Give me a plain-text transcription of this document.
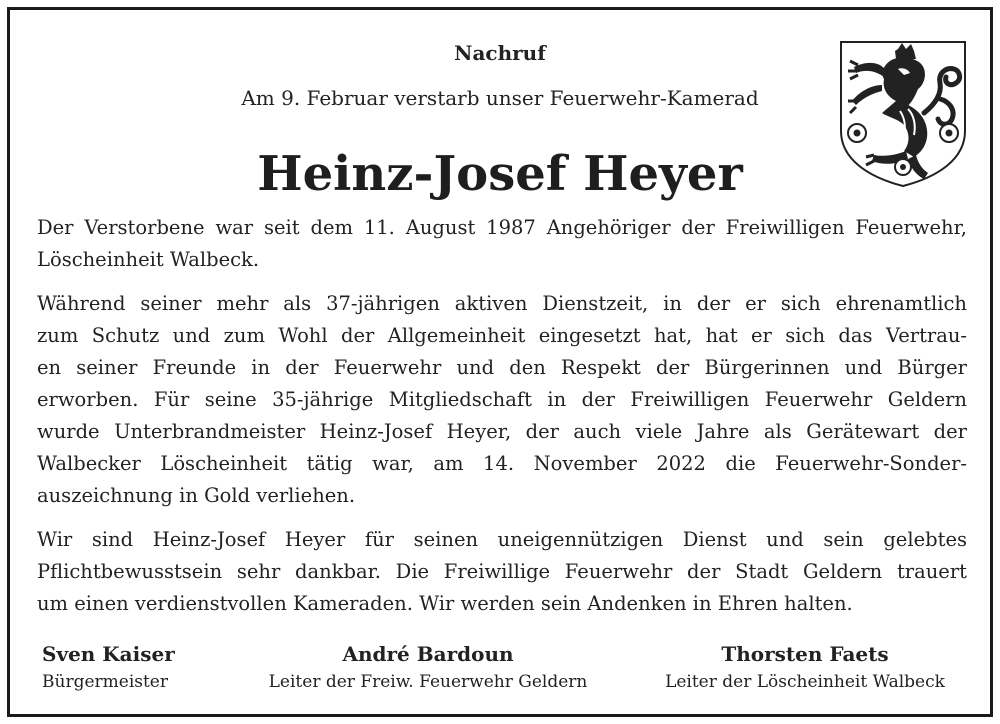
Nachruf
Am 9. Februar verstarb unser Feuerwehr-Kamerad
Heinz-Josef Heyer
Der Verstorbene war seit dem 11. August 1987 Angehöriger der Freiwilligen Feuerwehr,
Löscheinheit Walbeck.
Während seiner mehr als 37-jährigen aktiven Dienstzeit, in der er sich ehrenamtlich
zum Schutz und zum Wohl der Allgemeinheit eingesetzt hat, hat er sich das Vertrau-
en seiner Freunde in der Feuerwehr und den Respekt der Bürgerinnen und Bürger
erworben. Für seine 35-jährige Mitgliedschaft in der Freiwilligen Feuerwehr Geldern
wurde Unterbrandmeister Heinz-Josef Heyer, der auch viele Jahre als Gerätewart der
Walbecker Löscheinheit tätig war, am 14. November 2022 die Feuerwehr-Sonder-
auszeichnung in Gold verliehen.
Wir sind Heinz-Josef Heyer für seinen uneigennützigen Dienst und sein gelebtes
Pflichtbewusstsein sehr dankbar. Die Freiwillige Feuerwehr der Stadt Geldern trauert
um einen verdienstvollen Kameraden. Wir werden sein Andenken in Ehren halten.
Sven Kaiser
Bürgermeister
André Bardoun
Leiter der Freiw. Feuerwehr Geldern
Thorsten Faets
Leiter der Löscheinheit Walbeck
